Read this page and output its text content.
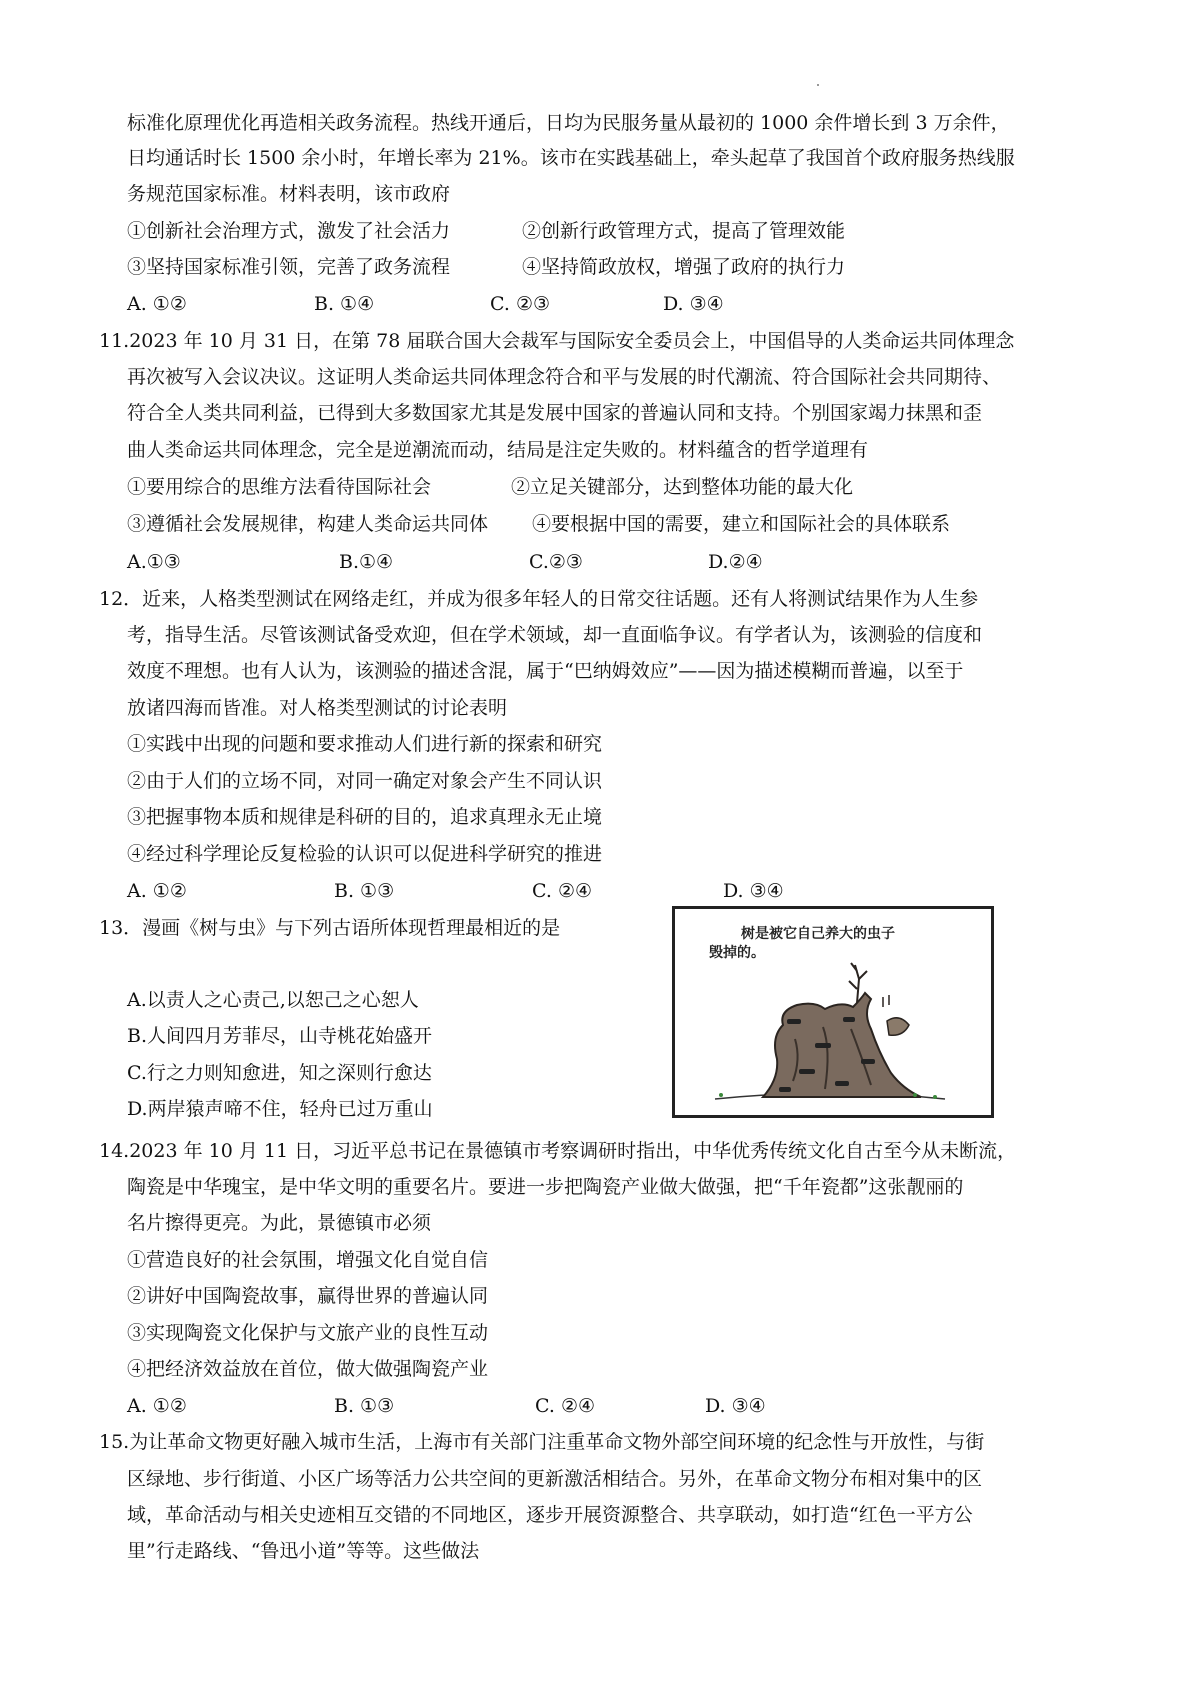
标准化原理优化再造相关政务流程。热线开通后，日均为民服务量从最初的 1000 余件增长到 3 万余件，
日均通话时长 1500 余小时，年增长率为 21%。该市在实践基础上，牵头起草了我国首个政府服务热线服
务规范国家标准。材料表明，该市政府
①创新社会治理方式，激发了社会活力	②创新行政管理方式，提高了管理效能
③坚持国家标准引领，完善了政务流程	④坚持简政放权，增强了政府的执行力
A. ①②	B. ①④	C. ②③	D. ③④
11.2023 年 10 月 31 日，在第 78 届联合国大会裁军与国际安全委员会上，中国倡导的人类命运共同体理念
再次被写入会议决议。这证明人类命运共同体理念符合和平与发展的时代潮流、符合国际社会共同期待、
符合全人类共同利益，已得到大多数国家尤其是发展中国家的普遍认同和支持。个别国家竭力抹黑和歪
曲人类命运共同体理念，完全是逆潮流而动，结局是注定失败的。材料蕴含的哲学道理有
①要用综合的思维方法看待国际社会	②立足关键部分，达到整体功能的最大化
③遵循社会发展规律，构建人类命运共同体 ④要根据中国的需要，建立和国际社会的具体联系
A.①③	B.①④	C.②③	D.②④
12．近来，人格类型测试在网络走红，并成为很多年轻人的日常交往话题。还有人将测试结果作为人生参
考，指导生活。尽管该测试备受欢迎，但在学术领域，却一直面临争议。有学者认为，该测验的信度和
效度不理想。也有人认为，该测验的描述含混，属于“巴纳姆效应”——因为描述模糊而普遍，以至于
放诸四海而皆准。对人格类型测试的讨论表明
①实践中出现的问题和要求推动人们进行新的探索和研究
②由于人们的立场不同，对同一确定对象会产生不同认识
③把握事物本质和规律是科研的目的，追求真理永无止境
④经过科学理论反复检验的认识可以促进科学研究的推进
A. ①②	B. ①③	C. ②④	D. ③④
13．漫画《树与虫》与下列古语所体现哲理最相近的是
A.以责人之心责己,以恕己之心恕人
B.人间四月芳菲尽，山寺桃花始盛开
C.行之力则知愈进，知之深则行愈达
D.两岸猿声啼不住，轻舟已过万重山
树是被它自己养大的虫子
毁掉的。
14.2023 年 10 月 11 日，习近平总书记在景德镇市考察调研时指出，中华优秀传统文化自古至今从未断流，
陶瓷是中华瑰宝，是中华文明的重要名片。要进一步把陶瓷产业做大做强，把“千年瓷都”这张靓丽的
名片擦得更亮。为此，景德镇市必须
①营造良好的社会氛围，增强文化自觉自信
②讲好中国陶瓷故事，赢得世界的普遍认同
③实现陶瓷文化保护与文旅产业的良性互动
④把经济效益放在首位，做大做强陶瓷产业
A. ①②	B. ①③	C. ②④	D. ③④
15.为让革命文物更好融入城市生活，上海市有关部门注重革命文物外部空间环境的纪念性与开放性，与街
区绿地、步行街道、小区广场等活力公共空间的更新激活相结合。另外，在革命文物分布相对集中的区
域，革命活动与相关史迹相互交错的不同地区，逐步开展资源整合、共享联动，如打造“红色一平方公
里”行走路线、“鲁迅小道”等等。这些做法
